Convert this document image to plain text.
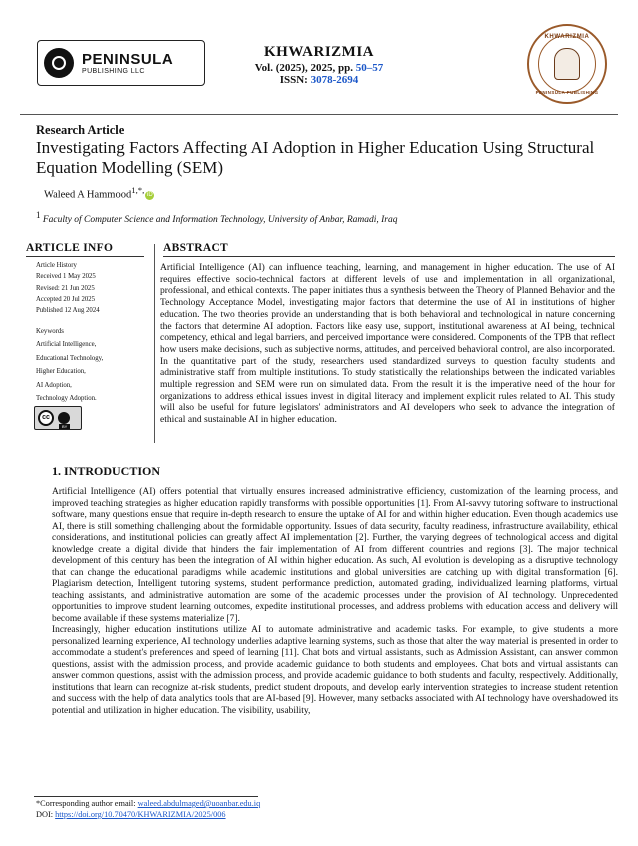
PENINSULA
PUBLISHING LLC
KHWARIZMIA
Vol. (2025), 2025, pp. 50–57
ISSN: 3078-2694
KHWARIZMIA
PENINSULA PUBLISHING
Research Article
Investigating Factors Affecting AI Adoption in Higher Education Using Structural Equation Modelling (SEM)
Waleed A Hammood$^{1,*,}$ iD
$^1$ Faculty of Computer Science and Information Technology, University of Anbar, Ramadi, Iraq
ARTICLE INFO
Article History
Received 1 May 2025
Revised: 21 Jun 2025
Accepted 20 Jul 2025
Published 12 Aug 2024
Keywords
Artificial Intelligence,
Educational Technology,
Higher Education,
AI Adoption,
Technology Adoption.
cc
BY
ABSTRACT
Artificial Intelligence (AI) can influence teaching, learning, and management in higher education. The use of AI requires effective socio-technical factors at different levels of use and implementation in all organizational, professional, and ethical contexts. The paper initiates thus a synthesis between the Theory of Planned Behavior and the Technology Acceptance Model, investigating major factors that determine the use of AI in institutions of higher education. The two theories provide an understanding that is both behavioral and technological in nature concerning the factors that determine AI adoption. Factors like easy use, support, institutional awareness at AI being, technical competency, ethical and legal barriers, and perceived importance were considered. Components of the TPB that reflect how users make decisions, such as subjective norms, attitudes, and perceived behavioral control, are also incorporated. In the quantitative part of the study, researchers used standardized surveys to question faculty students and administrative staff from multiple institutions. To study statistically the relationships between the indicated variables multiple regression and SEM were run on simulated data. From the result it is the imperative need of the hour for organizations to address ethical issues invest in digital literacy and implement explicit rules related to AI. This study will also be useful for future legislators' administrators and AI developers who seek to advance the integration of ethical and sustainable AI in higher education.
1. INTRODUCTION

Artificial Intelligence (AI) offers potential that virtually ensures increased administrative efficiency, customization of the learning process, and improved teaching strategies as higher education rapidly transforms with possible opportunities [1]. From AI-savvy tutoring software to instructional software, many questions ensue that require in-depth research to ensure the uptake of AI for and within higher education. Even though academics use AI, there is still something challenging about the formidable opportunity. Issues of data security, faculty readiness, infrastructure availability, ethical considerations, and institutional policies can greatly affect AI implementation [2]. Further, the varying degrees of technological access and digital knowledge create a digital divide that hinders the fair implementation of AI from different countries and regions [3]. The major technical development of this century has been the integration of AI within higher education. As such, AI evolution is developing as a disruptive technology that can change the educational paradigms while academic institutions and global universities are catching up with digital transformation [6]. Plagiarism detection, Intelligent tutoring systems, student performance prediction, automated grading, individualized learning platforms, virtual teaching assistants, and administrative automation are some of the academic processes under the provision of AI technology. Unprecedented opportunities to improve student learning outcomes, expedite institutional processes, and address problems with education access and delivery will become available if these systems materialize [7].

Increasingly, higher education institutions utilize AI to automate administrative and academic tasks. For example, to give students a more personalized learning experience, AI technology underlies adaptive learning systems, such as those that alter the way material is presented in order to accommodate a student's preferences and speed of learning [11]. Chat bots and virtual assistants, such as Admission Assistant, can answer common questions, assist with the admission process, and provide academic guidance to both students and employees. Chat bots and virtual assistants can answer common questions, assist with the admission process, and provide academic guidance to both students and faculty, respectively. Additionally, institutions that learn can recognize at-risk students, predict student dropouts, and develop early intervention strategies to increase student retention and success with the help of data analytics tools that are AI-based [9]. However, many setbacks associated with AI technology have overshadowed its potential and utilization in higher education. The visibility, usability,

*Corresponding author email: waleed.abdulmaged@uoanbar.edu.iq
DOI: https://doi.org/10.70470/KHWARIZMIA/2025/006
